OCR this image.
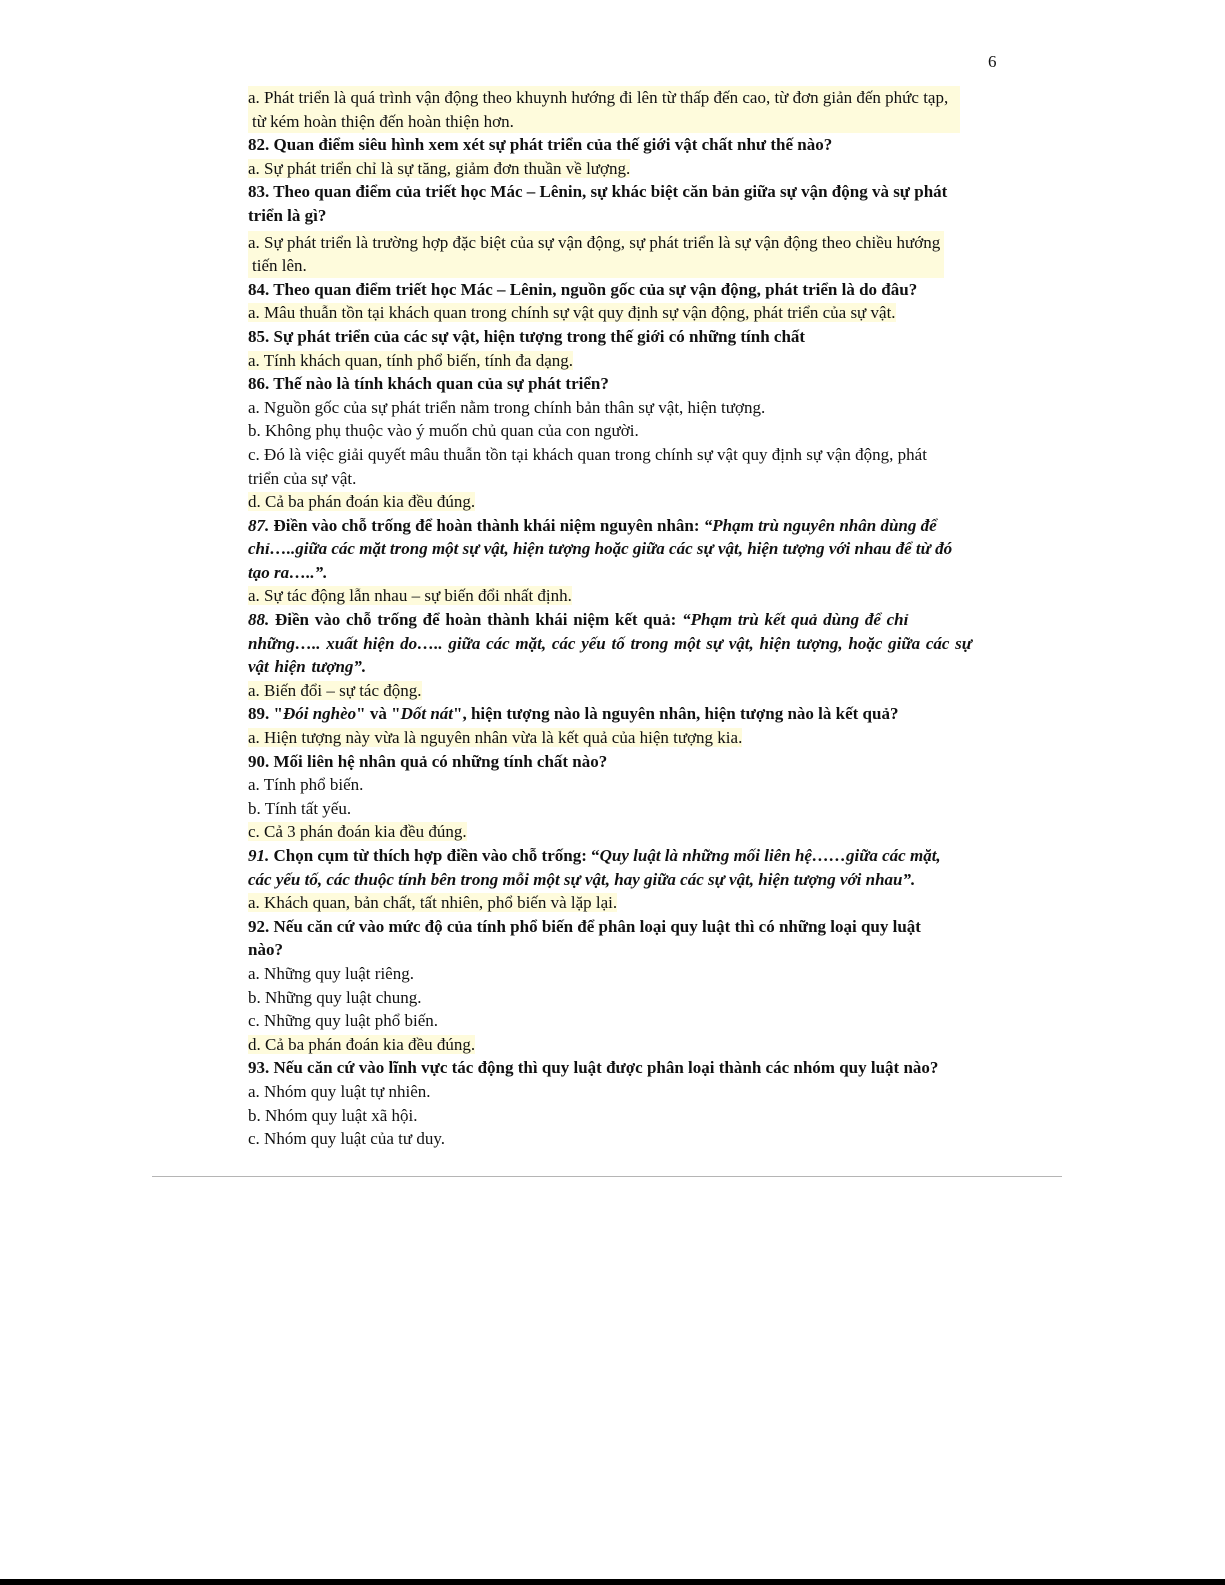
6
a. Phát triển là quá trình vận động theo khuynh hướng đi lên từ thấp đến cao, từ đơn giản đến phức tạp,
từ kém hoàn thiện đến hoàn thiện hơn.
82. Quan điểm siêu hình xem xét sự phát triển của thế giới vật chất như thế nào?
a. Sự phát triển chỉ là sự tăng, giảm đơn thuần về lượng.
83. Theo quan điểm của triết học Mác – Lênin, sự khác biệt căn bản giữa sự vận động và sự phát
triển là gì?
a. Sự phát triển là trường hợp đặc biệt của sự vận động, sự phát triển là sự vận động theo chiều hướng
tiến lên.
84. Theo quan điểm triết học Mác – Lênin, nguồn gốc của sự vận động, phát triển là do đâu?
a. Mâu thuẫn tồn tại khách quan trong chính sự vật quy định sự vận động, phát triển của sự vật.
85. Sự phát triển của các sự vật, hiện tượng trong thế giới có những tính chất
a. Tính khách quan, tính phổ biến, tính đa dạng.
86. Thế nào là tính khách quan của sự phát triển?
a. Nguồn gốc của sự phát triển nằm trong chính bản thân sự vật, hiện tượng.
b. Không phụ thuộc vào ý muốn chủ quan của con người.
c. Đó là việc giải quyết mâu thuẫn tồn tại khách quan trong chính sự vật quy định sự vận động, phát
triển của sự vật.
d. Cả ba phán đoán kia đều đúng.
87. Điền vào chỗ trống để hoàn thành khái niệm nguyên nhân: “Phạm trù nguyên nhân dùng để
chỉ…..giữa các mặt trong một sự vật, hiện tượng hoặc giữa các sự vật, hiện tượng với nhau để từ đó
tạo ra…..”.
a. Sự tác động lẫn nhau – sự biến đổi nhất định.
88. Điền vào chỗ trống để hoàn thành khái niệm kết quả: “Phạm trù kết quả dùng để chỉ
những….. xuất hiện do….. giữa các mặt, các yếu tố trong một sự vật, hiện tượng, hoặc giữa các sự
vật hiện tượng”.
a. Biến đổi – sự tác động.
89. "Đói nghèo" và "Dốt nát", hiện tượng nào là nguyên nhân, hiện tượng nào là kết quả?
a. Hiện tượng này vừa là nguyên nhân vừa là kết quả của hiện tượng kia.
90. Mối liên hệ nhân quả có những tính chất nào?
a. Tính phổ biến.
b. Tính tất yếu.
c. Cả 3 phán đoán kia đều đúng.
91. Chọn cụm từ thích hợp điền vào chỗ trống: “Quy luật là những mối liên hệ……giữa các mặt,
các yếu tố, các thuộc tính bên trong mỗi một sự vật, hay giữa các sự vật, hiện tượng với nhau”.
a. Khách quan, bản chất, tất nhiên, phổ biến và lặp lại.
92. Nếu căn cứ vào mức độ của tính phổ biến để phân loại quy luật thì có những loại quy luật
nào?
a. Những quy luật riêng.
b. Những quy luật chung.
c. Những quy luật phổ biến.
d. Cả ba phán đoán kia đều đúng.
93. Nếu căn cứ vào lĩnh vực tác động thì quy luật được phân loại thành các nhóm quy luật nào?
a. Nhóm quy luật tự nhiên.
b. Nhóm quy luật xã hội.
c. Nhóm quy luật của tư duy.
